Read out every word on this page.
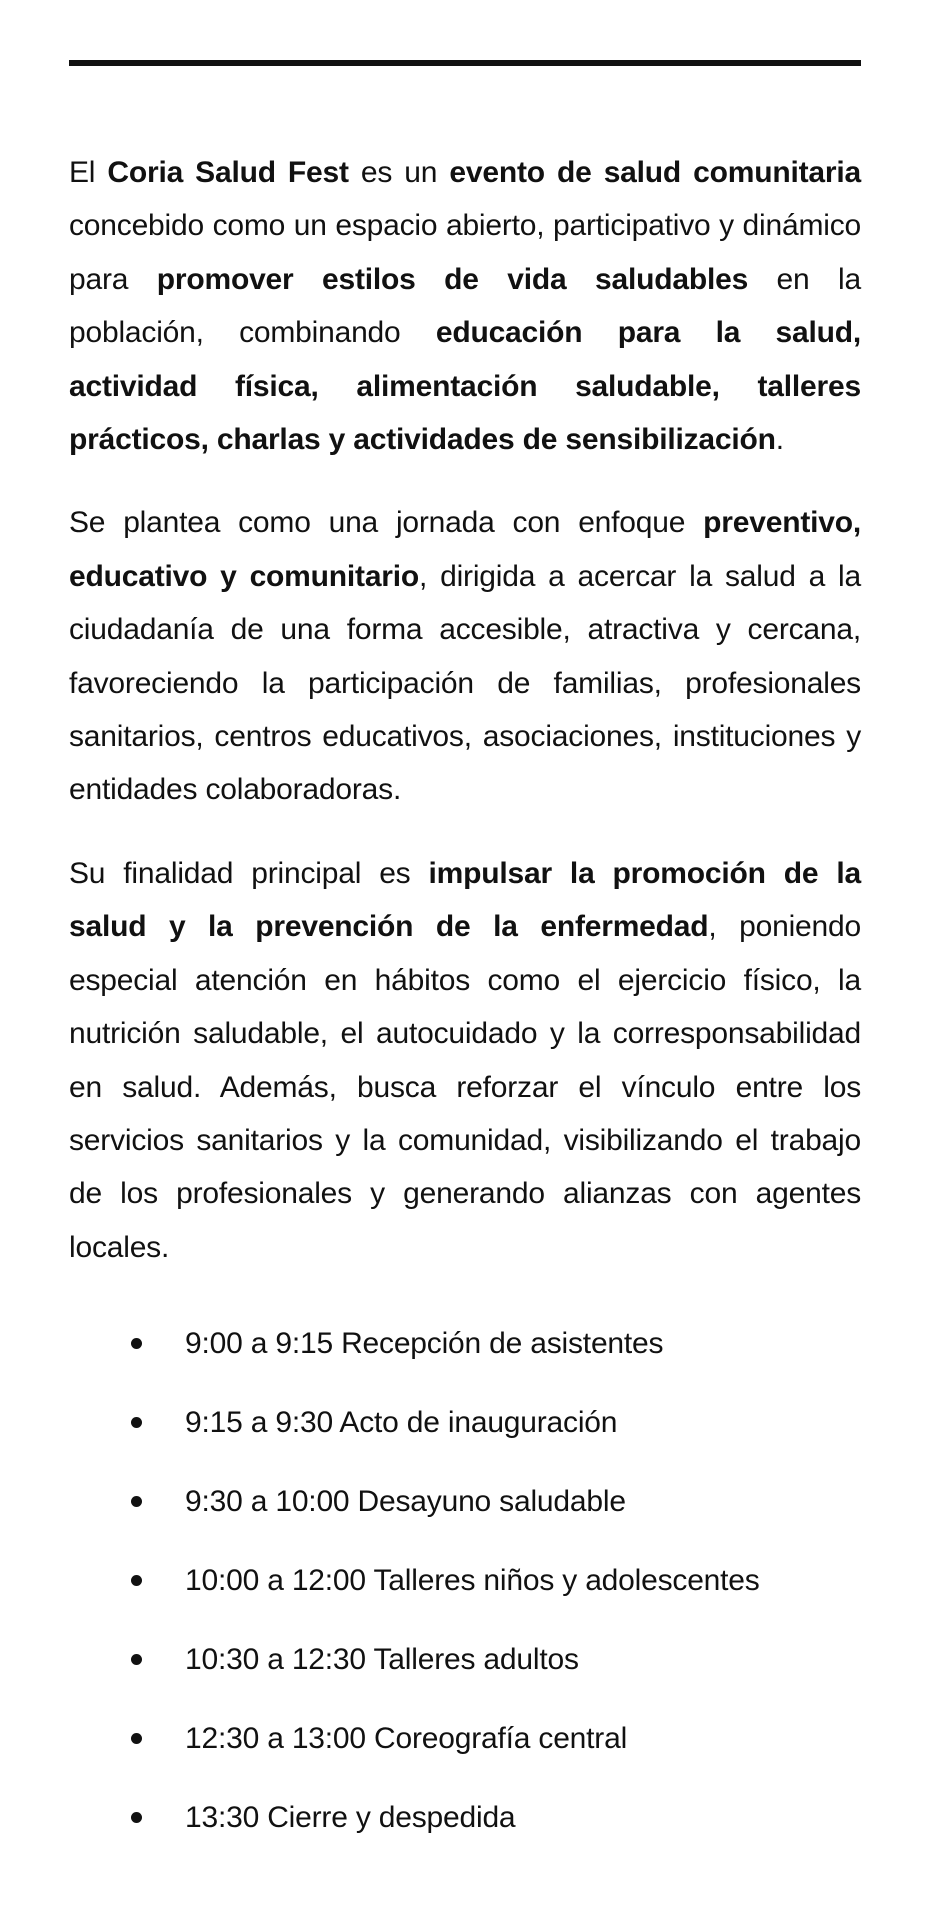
El Coria Salud Fest es un evento de salud comunitaria concebido como un espacio abierto, participativo y dinámico para promover estilos de vida saludables en la población, combinando educación para la salud, actividad física, alimentación saludable, talleres prácticos, charlas y actividades de sensibilización.

Se plantea como una jornada con enfoque preventivo, educativo y comunitario, dirigida a acercar la salud a la ciudadanía de una forma accesible, atractiva y cercana, favoreciendo la participación de familias, profesionales sanitarios, centros educativos, asociaciones, instituciones y entidades colaboradoras.

Su finalidad principal es impulsar la promoción de la salud y la prevención de la enfermedad, poniendo especial atención en hábitos como el ejercicio físico, la nutrición saludable, el autocuidado y la corresponsabilidad en salud. Además, busca reforzar el vínculo entre los servicios sanitarios y la comunidad, visibilizando el trabajo de los profesionales y generando alianzas con agentes locales.

9:00 a 9:15 Recepción de asistentes
9:15 a 9:30 Acto de inauguración
9:30 a 10:00 Desayuno saludable
10:00 a 12:00 Talleres niños y adolescentes
10:30 a 12:30 Talleres adultos
12:30 a 13:00 Coreografía central
13:30 Cierre y despedida
